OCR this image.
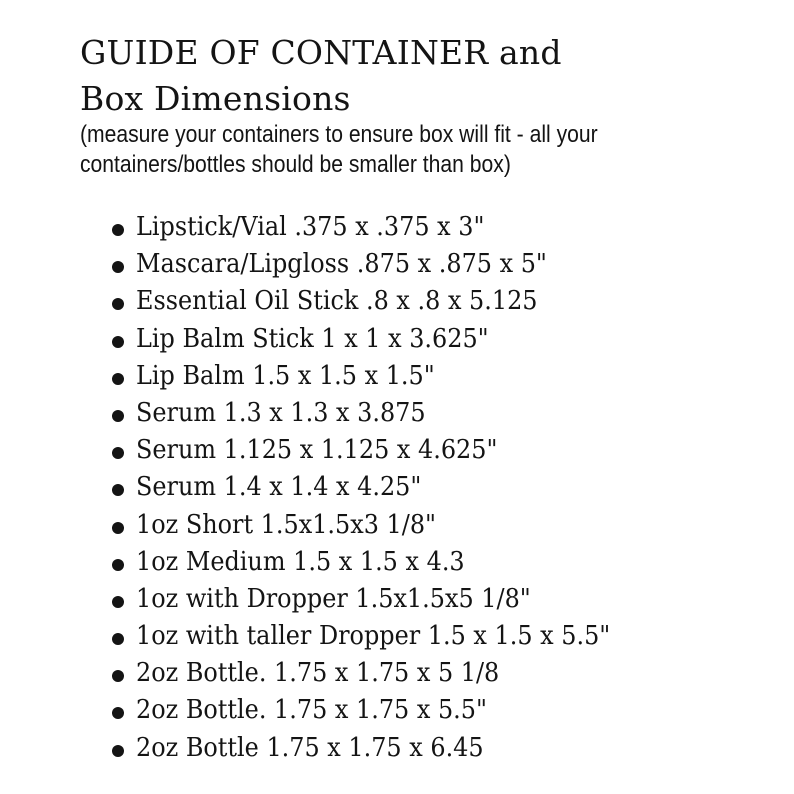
GUIDE OF CONTAINER and
Box Dimensions

(measure your containers to ensure box will fit - all your
containers/bottles should be smaller than box)

Lipstick/Vial .375 x .375 x 3"
Mascara/Lipgloss .875 x .875 x 5"
Essential Oil Stick .8 x .8 x 5.125
Lip Balm Stick 1 x 1 x 3.625"
Lip Balm 1.5 x 1.5 x 1.5"
Serum 1.3 x 1.3 x 3.875
Serum 1.125 x 1.125 x 4.625"
Serum 1.4 x 1.4 x 4.25"
1oz Short 1.5x1.5x3 1/8"
1oz Medium 1.5 x 1.5 x 4.3
1oz with Dropper 1.5x1.5x5 1/8"
1oz with taller Dropper 1.5 x 1.5 x 5.5"
2oz Bottle. 1.75 x 1.75 x 5 1/8
2oz Bottle. 1.75 x 1.75 x 5.5"
2oz Bottle 1.75 x 1.75 x 6.45
